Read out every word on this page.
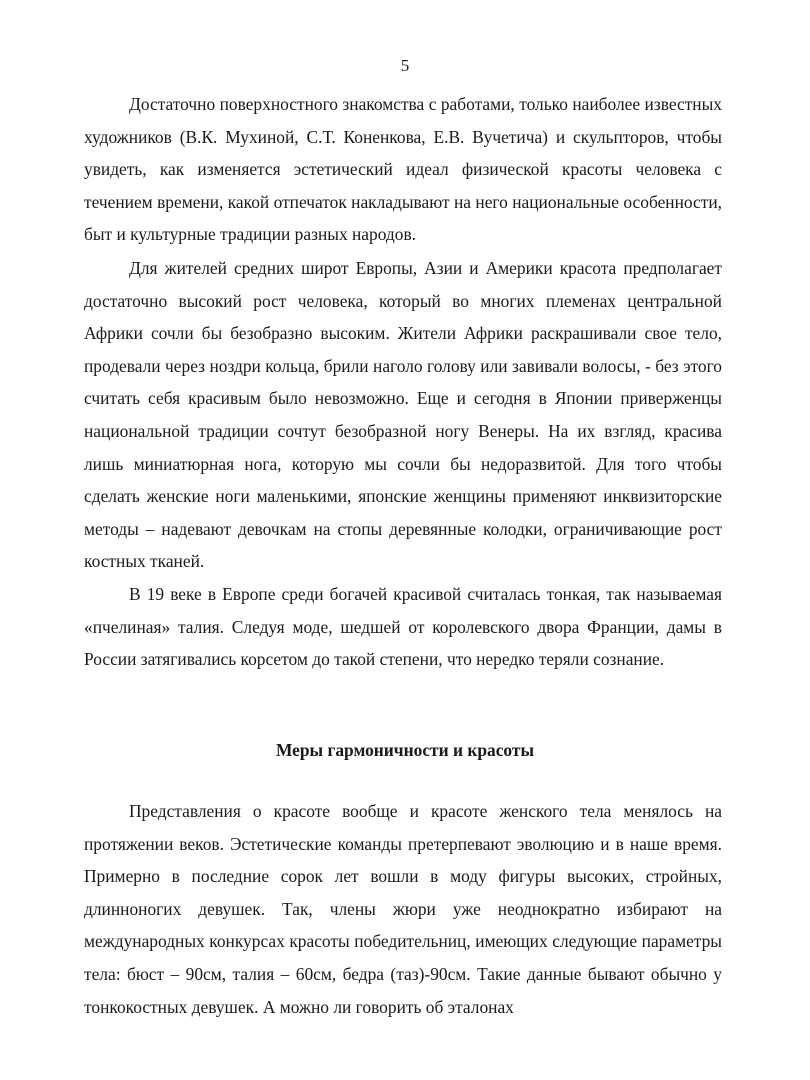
5

Достаточно поверхностного знакомства с работами, только наиболее известных художников (В.К. Мухиной, С.Т. Коненкова, Е.В. Вучетича) и скульпторов, чтобы увидеть, как изменяется эстетический идеал физической красоты человека с течением времени, какой отпечаток накладывают на него национальные особенности, быт и культурные традиции разных народов.

Для жителей средних широт Европы, Азии и Америки красота предполагает достаточно высокий рост человека, который во многих племенах центральной Африки сочли бы безобразно высоким. Жители Африки раскрашивали свое тело, продевали через ноздри кольца, брили наголо голову или завивали волосы, - без этого считать себя красивым было невозможно. Еще и сегодня в Японии приверженцы национальной традиции сочтут безобразной ногу Венеры. На их взгляд, красива лишь миниатюрная нога, которую мы сочли бы недоразвитой. Для того чтобы сделать женские ноги маленькими, японские женщины применяют инквизиторские методы – надевают девочкам на стопы деревянные колодки, ограничивающие рост костных тканей.

В 19 веке в Европе среди богачей красивой считалась тонкая, так называемая «пчелиная» талия. Следуя моде, шедшей от королевского двора Франции, дамы в России затягивались корсетом до такой степени, что нередко теряли сознание.

Меры гармоничности и красоты

Представления о красоте вообще и красоте женского тела менялось на протяжении веков. Эстетические команды претерпевают эволюцию и в наше время. Примерно в последние сорок лет вошли в моду фигуры высоких, стройных, длинноногих девушек. Так, члены жюри уже неоднократно избирают на международных конкурсах красоты победительниц, имеющих следующие параметры тела: бюст – 90см, талия – 60см, бедра (таз)-90см. Такие данные бывают обычно у тонкокостных девушек. А можно ли говорить об эталонах
